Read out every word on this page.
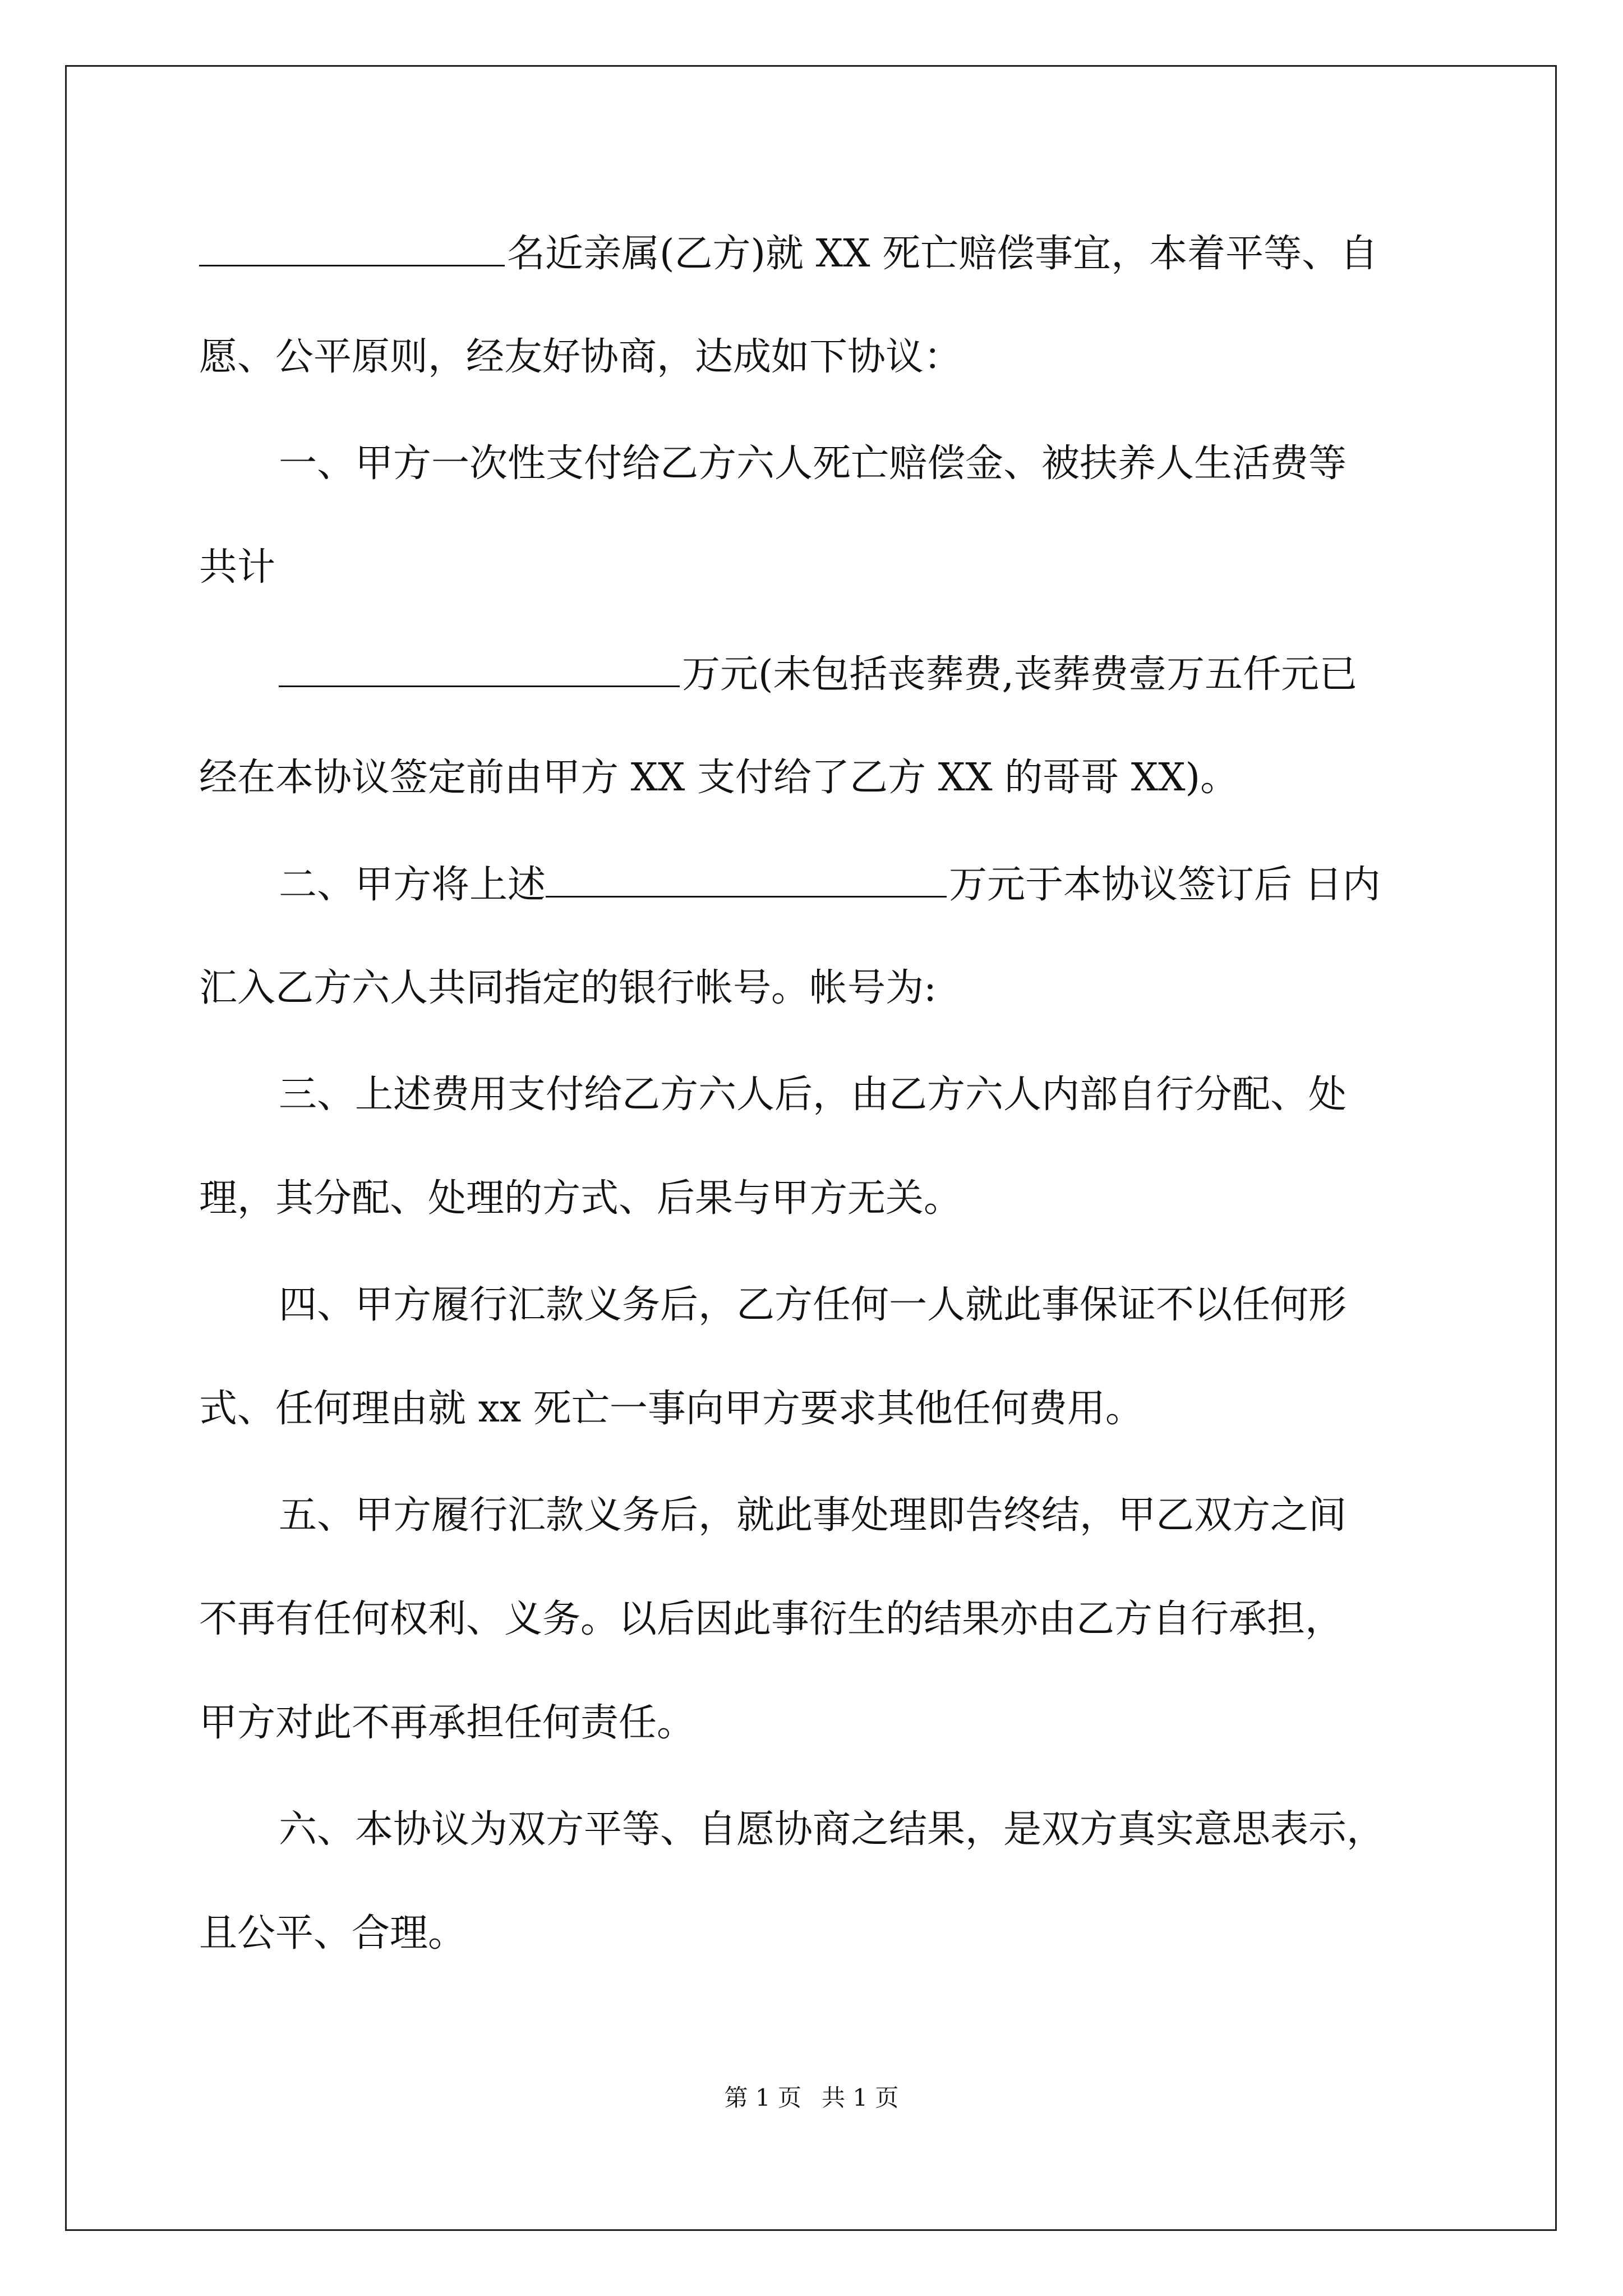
名近亲属(乙方)就 XX 死亡赔偿事宜，本着平等、自
愿、公平原则，经友好协商，达成如下协议：
一、甲方一次性支付给乙方六人死亡赔偿金、被扶养人生活费等
共计
万元(未包括丧葬费,丧葬费壹万五仟元已
经在本协议签定前由甲方 XX 支付给了乙方 XX 的哥哥 XX)。
二、甲方将上述	万元于本协议签订后 日内
汇入乙方六人共同指定的银行帐号。帐号为:
三、上述费用支付给乙方六人后，由乙方六人内部自行分配、处
理，其分配、处理的方式、后果与甲方无关。
四、甲方履行汇款义务后，乙方任何一人就此事保证不以任何形
式、任何理由就 xx 死亡一事向甲方要求其他任何费用。
五、甲方履行汇款义务后，就此事处理即告终结，甲乙双方之间
不再有任何权利、义务。以后因此事衍生的结果亦由乙方自行承担，
甲方对此不再承担任何责任。
六、本协议为双方平等、自愿协商之结果，是双方真实意思表示，
且公平、合理。
第 1 页 共 1 页
